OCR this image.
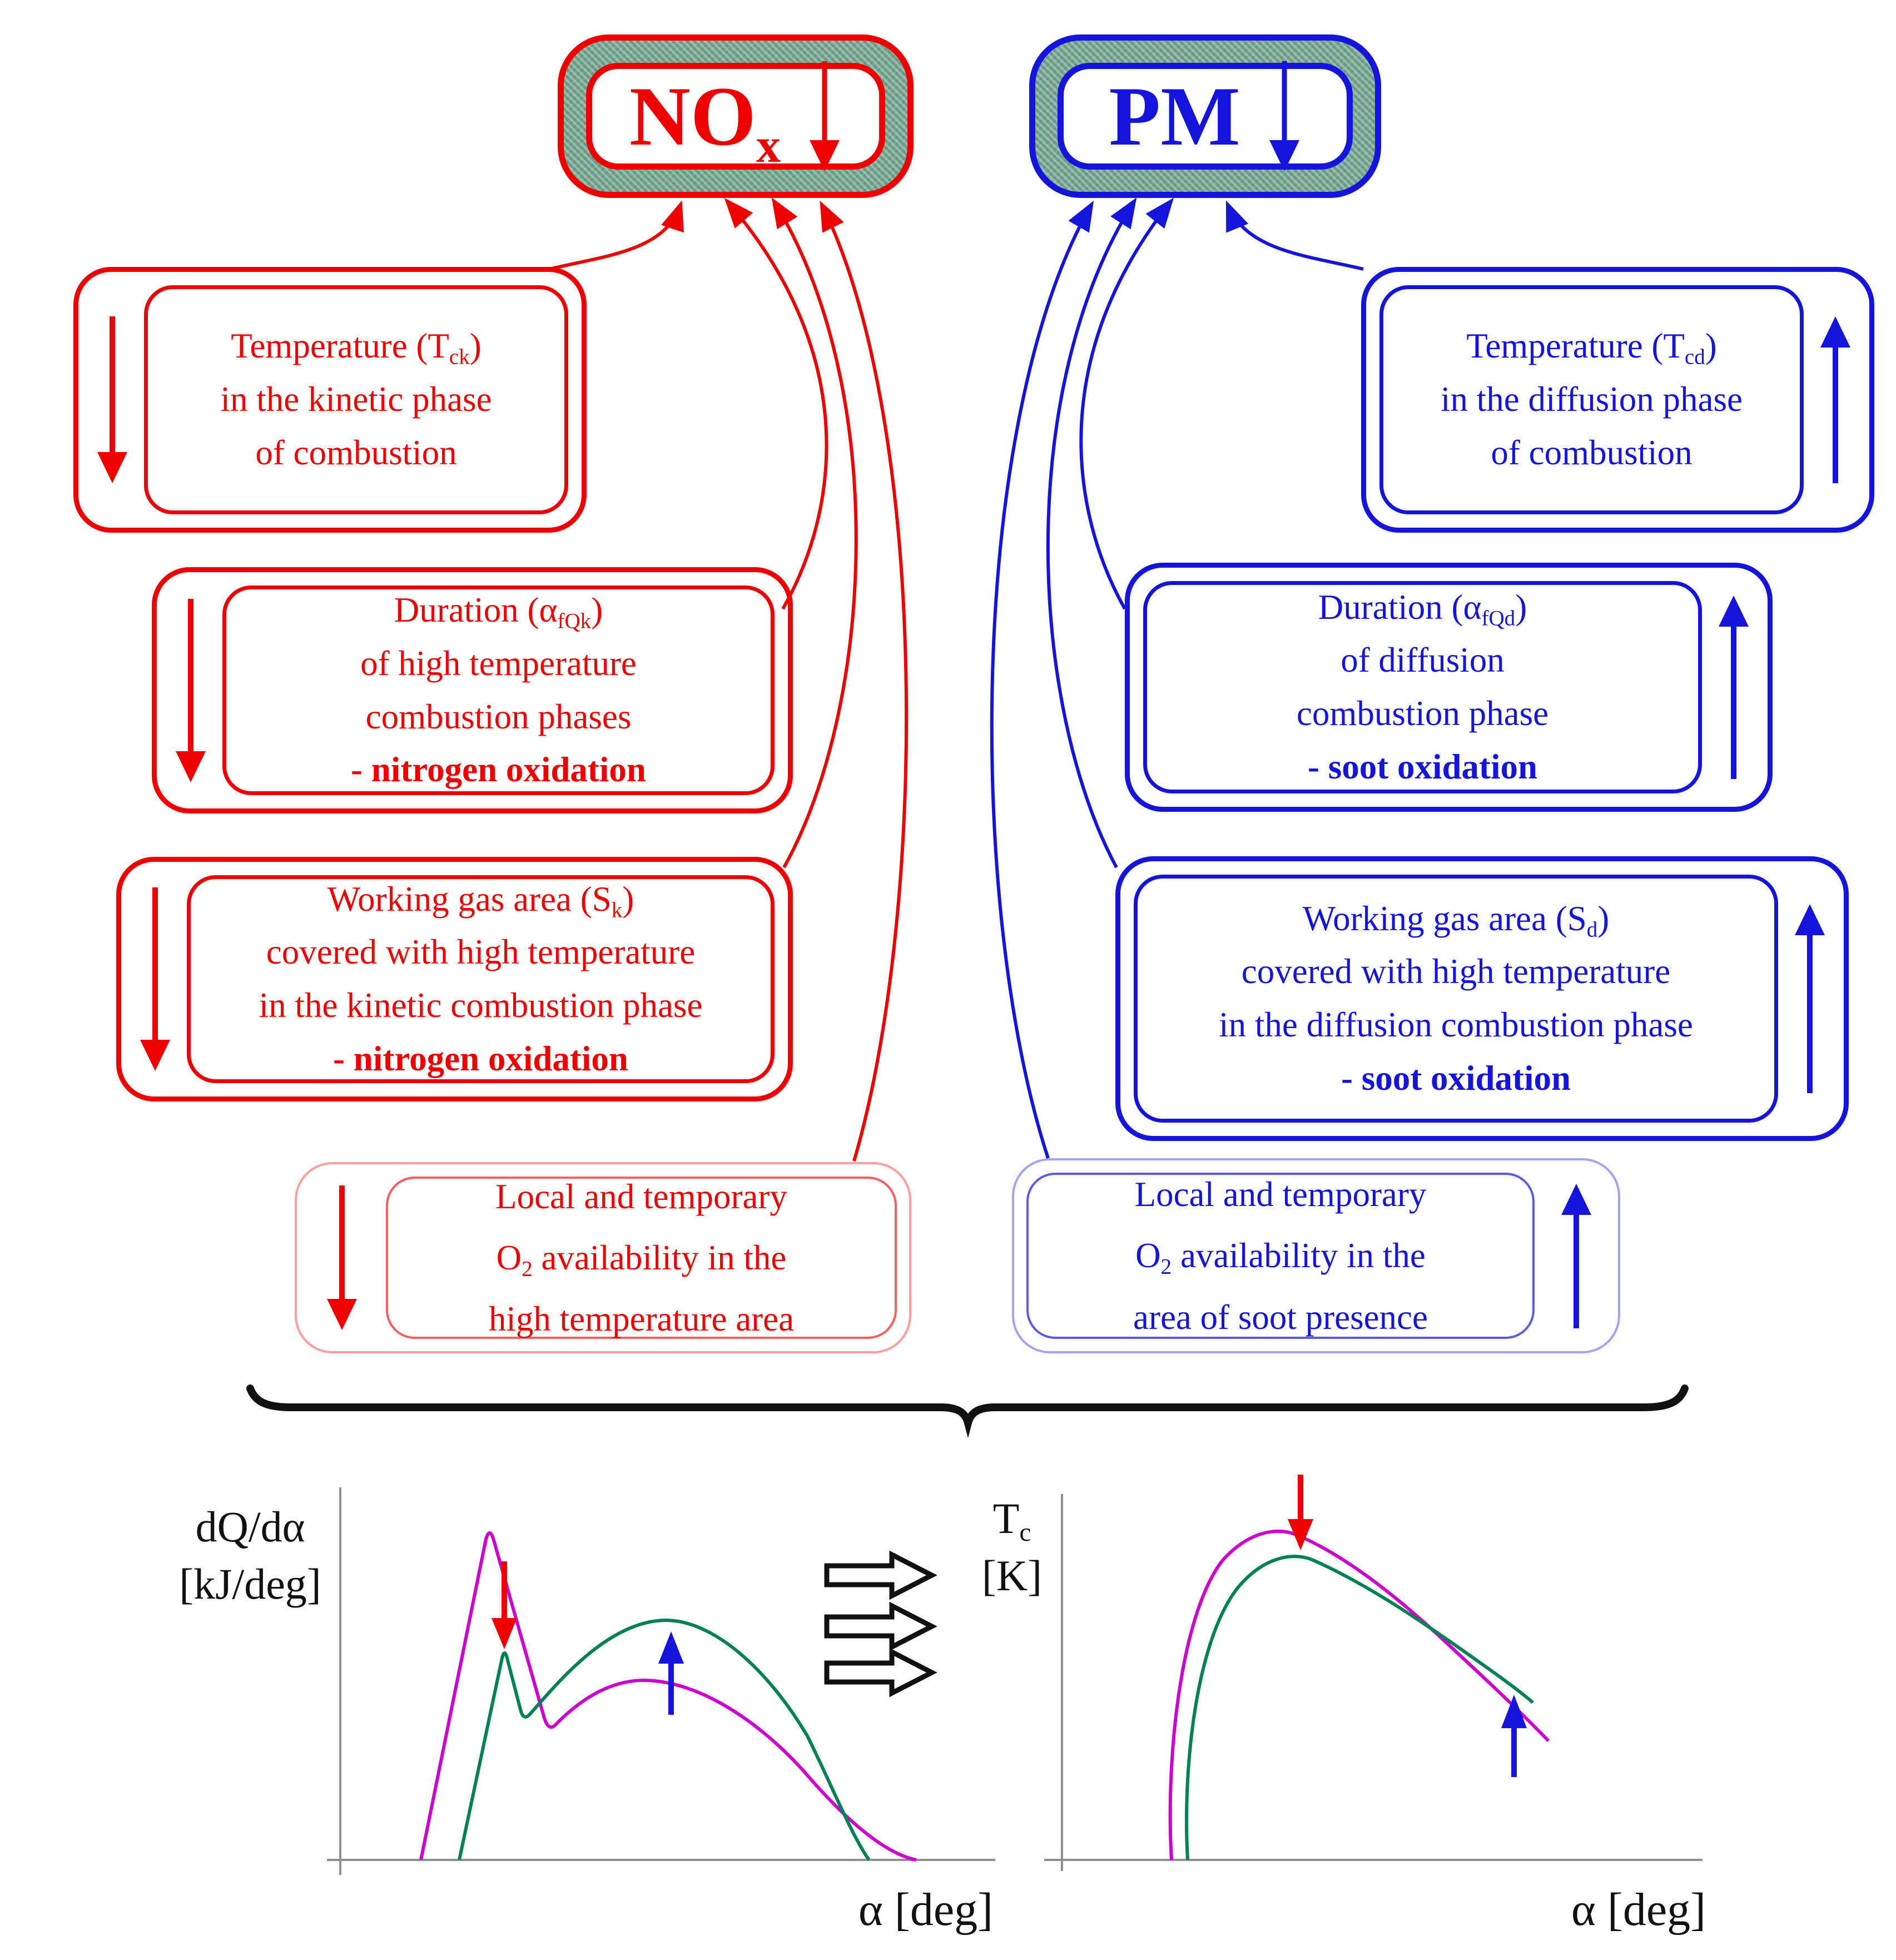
$NO_x$	PM
Temperature $(T_{ck})$
in the kinetic phase
of combustion
Duration $(\alpha_{fQk})$
of high temperature
combustion phases
- nitrogen oxidation
Working gas area $(S_k)$
covered with high temperature
in the kinetic combustion phase
- nitrogen oxidation
Local and temporary
$O_2$ availability in the
high temperature area
Temperature $(T_{cd})$
in the diffusion phase
of combustion
Duration $(\alpha_{fQd})$
of diffusion
combustion phase
- soot oxidation
Working gas area $(S_d)$
covered with high temperature
in the diffusion combustion phase
- soot oxidation
Local and temporary
$O_2$ availability in the
area of soot presence
dQ/dα
[kJ/deg]
$T_c$
[K]
α [deg]	α [deg]
